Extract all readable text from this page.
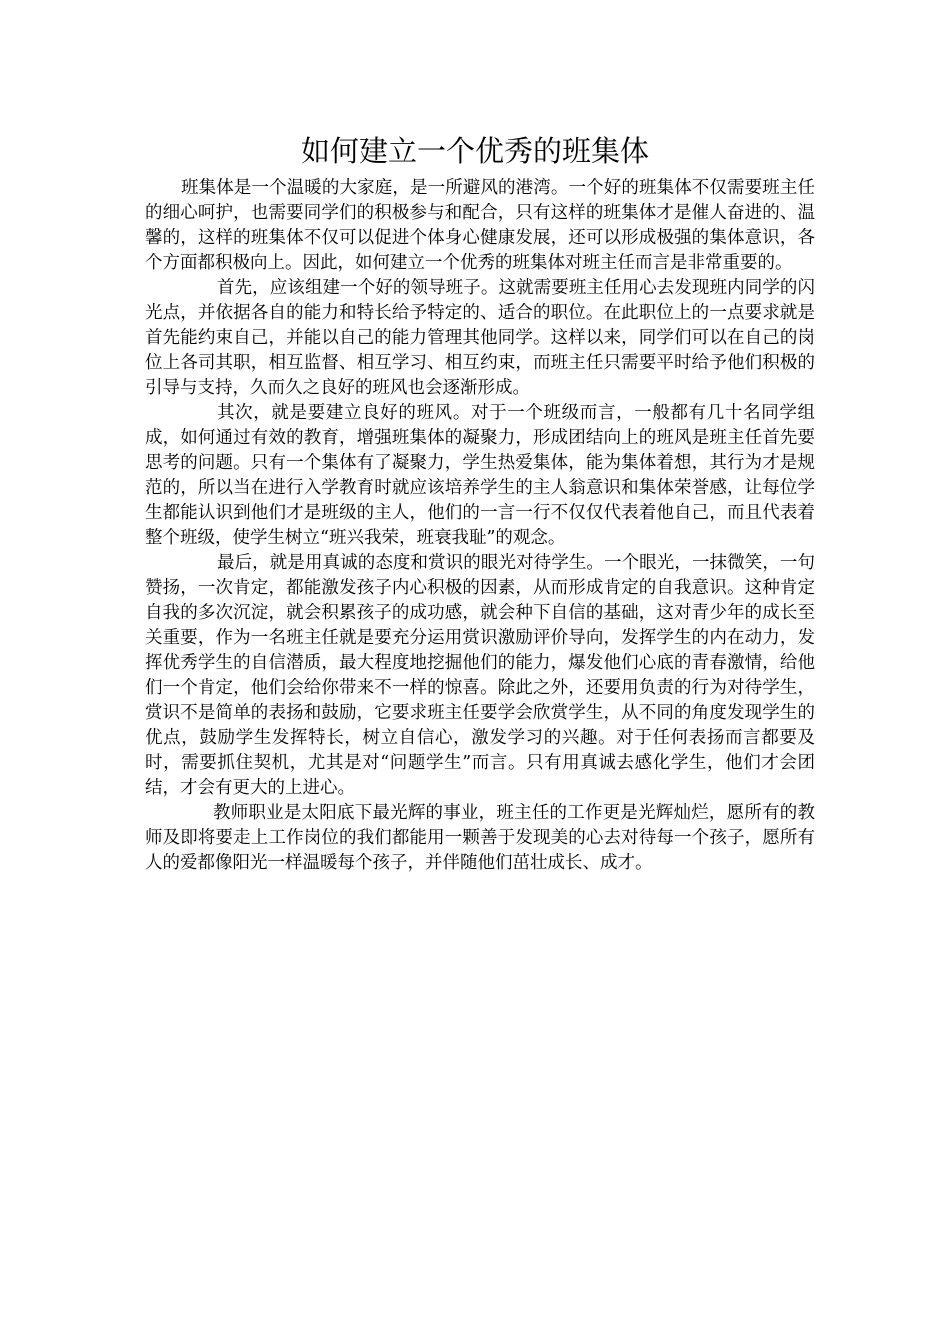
如何建立一个优秀的班集体

班集体是一个温暖的大家庭，是一所避风的港湾。一个好的班集体不仅需要班主任的细心呵护，也需要同学们的积极参与和配合，只有这样的班集体才是催人奋进的、温馨的，这样的班集体不仅可以促进个体身心健康发展，还可以形成极强的集体意识，各个方面都积极向上。因此，如何建立一个优秀的班集体对班主任而言是非常重要的。

首先，应该组建一个好的领导班子。这就需要班主任用心去发现班内同学的闪光点，并依据各自的能力和特长给予特定的、适合的职位。在此职位上的一点要求就是首先能约束自己，并能以自己的能力管理其他同学。这样以来，同学们可以在自己的岗位上各司其职，相互监督、相互学习、相互约束，而班主任只需要平时给予他们积极的引导与支持，久而久之良好的班风也会逐渐形成。

其次，就是要建立良好的班风。对于一个班级而言，一般都有几十名同学组成，如何通过有效的教育，增强班集体的凝聚力，形成团结向上的班风是班主任首先要思考的问题。只有一个集体有了凝聚力，学生热爱集体，能为集体着想，其行为才是规范的，所以当在进行入学教育时就应该培养学生的主人翁意识和集体荣誉感，让每位学生都能认识到他们才是班级的主人，他们的一言一行不仅仅代表着他自己，而且代表着整个班级，使学生树立“班兴我荣，班衰我耻”的观念。

最后，就是用真诚的态度和赏识的眼光对待学生。一个眼光，一抹微笑，一句赞扬，一次肯定，都能激发孩子内心积极的因素，从而形成肯定的自我意识。这种肯定自我的多次沉淀，就会积累孩子的成功感，就会种下自信的基础，这对青少年的成长至关重要，作为一名班主任就是要充分运用赏识激励评价导向，发挥学生的内在动力，发挥优秀学生的自信潜质，最大程度地挖掘他们的能力，爆发他们心底的青春激情，给他们一个肯定，他们会给你带来不一样的惊喜。除此之外，还要用负责的行为对待学生，赏识不是简单的表扬和鼓励，它要求班主任要学会欣赏学生，从不同的角度发现学生的优点，鼓励学生发挥特长，树立自信心，激发学习的兴趣。对于任何表扬而言都要及时，需要抓住契机，尤其是对“问题学生”而言。只有用真诚去感化学生，他们才会团结，才会有更大的上进心。

教师职业是太阳底下最光辉的事业，班主任的工作更是光辉灿烂，愿所有的教师及即将要走上工作岗位的我们都能用一颗善于发现美的心去对待每一个孩子，愿所有人的爱都像阳光一样温暖每个孩子，并伴随他们茁壮成长、成才。
